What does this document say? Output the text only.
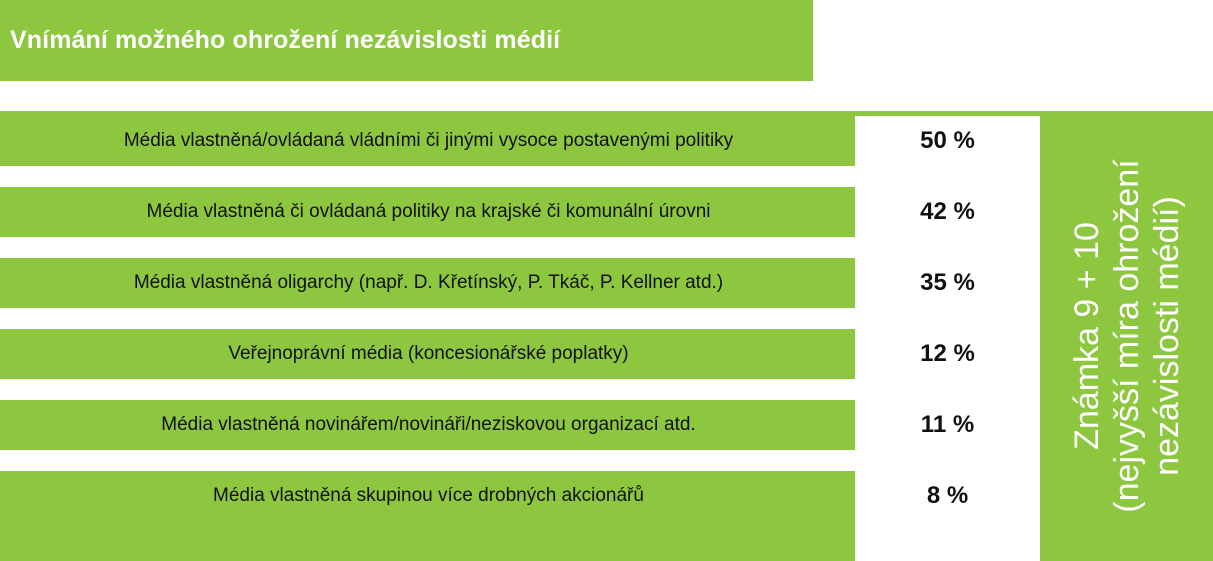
Vnímání možného ohrožení nezávislosti médií
Média vlastněná/ovládaná vládními či jinými vysoce postavenými politiky	50 %
Média vlastněná či ovládaná politiky na krajské či komunální úrovni	42 %
Média vlastněná oligarchy (např. D. Křetínský, P. Tkáč, P. Kellner atd.)	35 %
Veřejnoprávní média (koncesionářské poplatky)	12 %
Média vlastněná novinářem/novináři/neziskovou organizací atd.	11 %
Média vlastněná skupinou více drobných akcionářů	8 %
Známka 9 + 10 (nejvyšší míra ohrožení nezávislosti médií)
